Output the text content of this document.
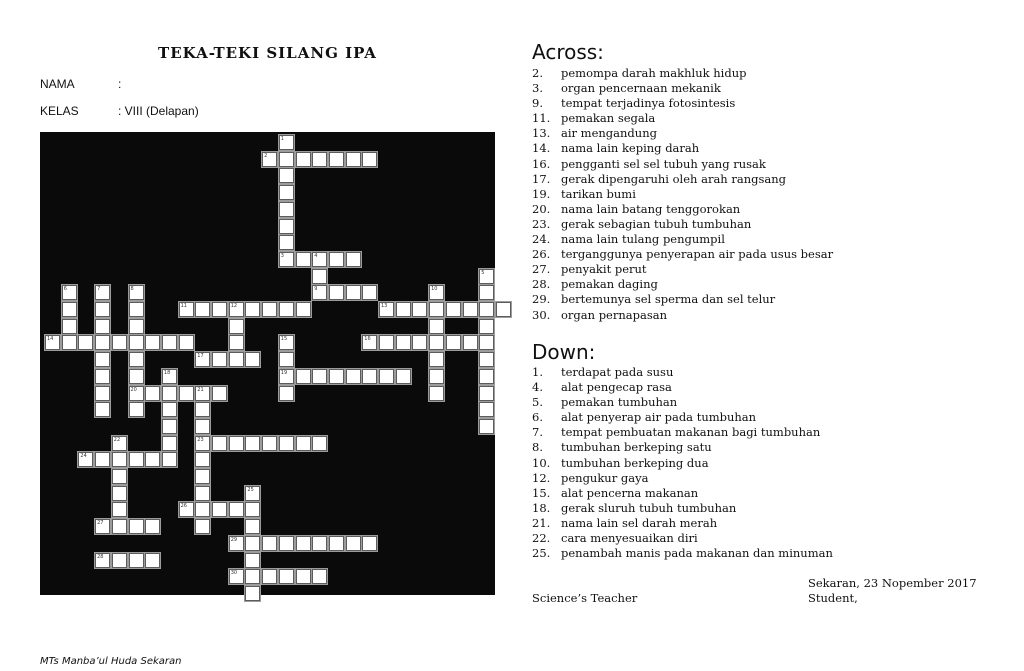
TEKA-TEKI SILANG IPA
NAMA	:
KELAS	: VIII (Delapan)
1
2
3	4
5
6	7	8	9	10
11	12	13
14	15	16
17
18	19
20	21
22	23
24
25
26
27
28
29
30
Across:
2. pemompa darah makhluk hidup
3. organ pencernaan mekanik
9. tempat terjadinya fotosintesis
11. pemakan segala
13. air mengandung
14. nama lain keping darah
16. pengganti sel sel tubuh yang rusak
17. gerak dipengaruhi oleh arah rangsang
19. tarikan bumi
20. nama lain batang tenggorokan
23. gerak sebagian tubuh tumbuhan
24. nama lain tulang pengumpil
26. terganggunya penyerapan air pada usus besar
27. penyakit perut
28. pemakan daging
29. bertemunya sel sperma dan sel telur
30. organ pernapasan
Down:
1. terdapat pada susu
4. alat pengecap rasa
5. pemakan tumbuhan
6. alat penyerap air pada tumbuhan
7. tempat pembuatan makanan bagi tumbuhan
8. tumbuhan berkeping satu
10. tumbuhan berkeping dua
12. pengukur gaya
15. alat pencerna makanan
18. gerak sluruh tubuh tumbuhan
21. nama lain sel darah merah
22. cara menyesuaikan diri
25. penambah manis pada makanan dan minuman
Sekaran, 23 Nopember 2017
Science’s Teacher	Student,
MTs Manba’ul Huda Sekaran
